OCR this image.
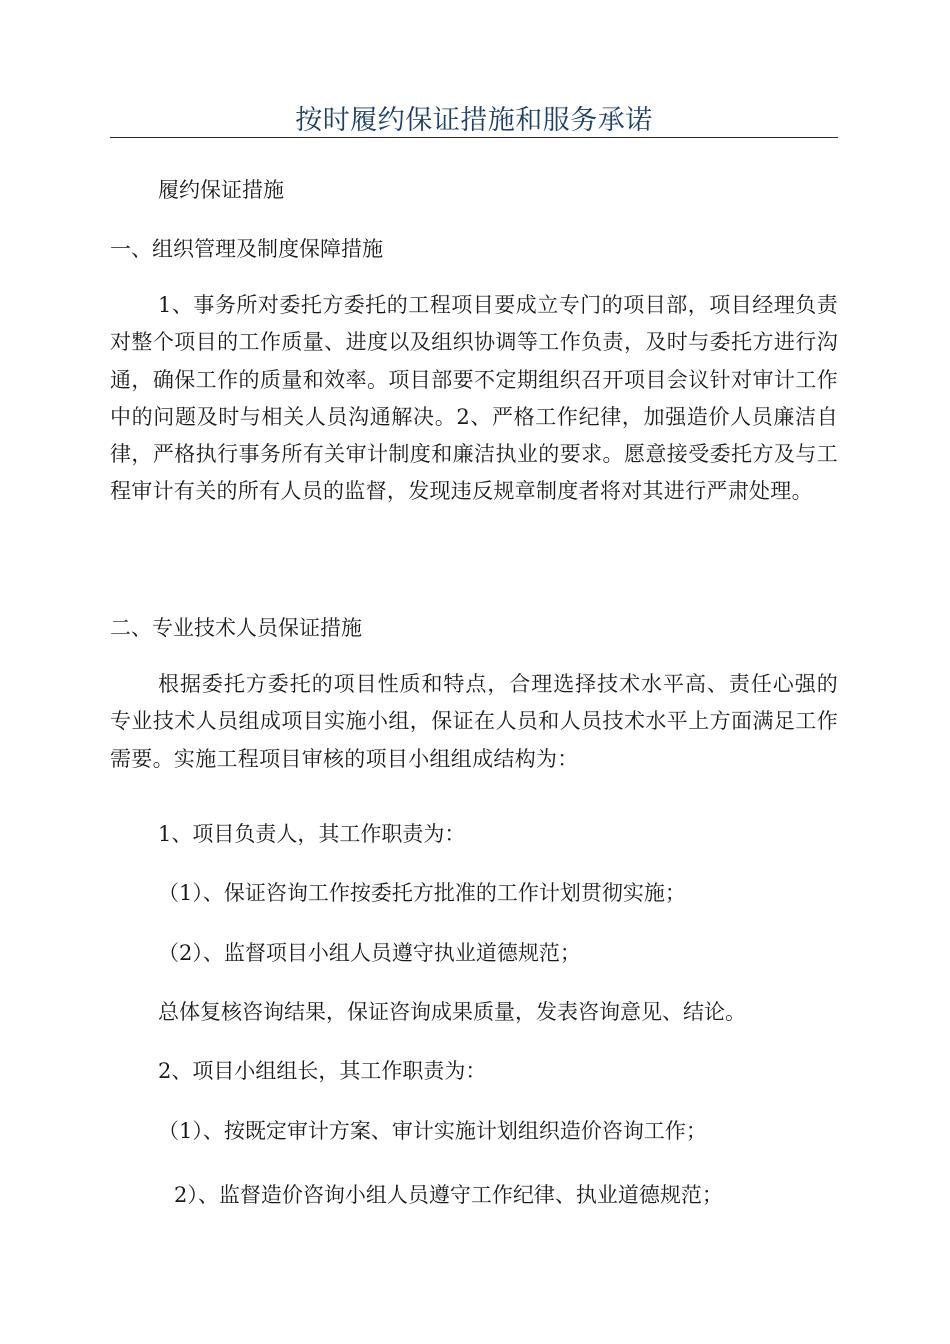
按时履约保证措施和服务承诺
履约保证措施
一、组织管理及制度保障措施
1、事务所对委托方委托的工程项目要成立专门的项目部，项目经理负责对整个项目的工作质量、进度以及组织协调等工作负责，及时与委托方进行沟通，确保工作的质量和效率。项目部要不定期组织召开项目会议针对审计工作中的问题及时与相关人员沟通解决。2、严格工作纪律，加强造价人员廉洁自律，严格执行事务所有关审计制度和廉洁执业的要求。愿意接受委托方及与工程审计有关的所有人员的监督，发现违反规章制度者将对其进行严肃处理。
二、专业技术人员保证措施
根据委托方委托的项目性质和特点，合理选择技术水平高、责任心强的专业技术人员组成项目实施小组，保证在人员和人员技术水平上方面满足工作需要。实施工程项目审核的项目小组组成结构为：
1、项目负责人，其工作职责为：
（1）、保证咨询工作按委托方批准的工作计划贯彻实施；
（2）、监督项目小组人员遵守执业道德规范；
总体复核咨询结果，保证咨询成果质量，发表咨询意见、结论。
2、项目小组组长，其工作职责为：
（1）、按既定审计方案、审计实施计划组织造价咨询工作；
2）、监督造价咨询小组人员遵守工作纪律、执业道德规范；
